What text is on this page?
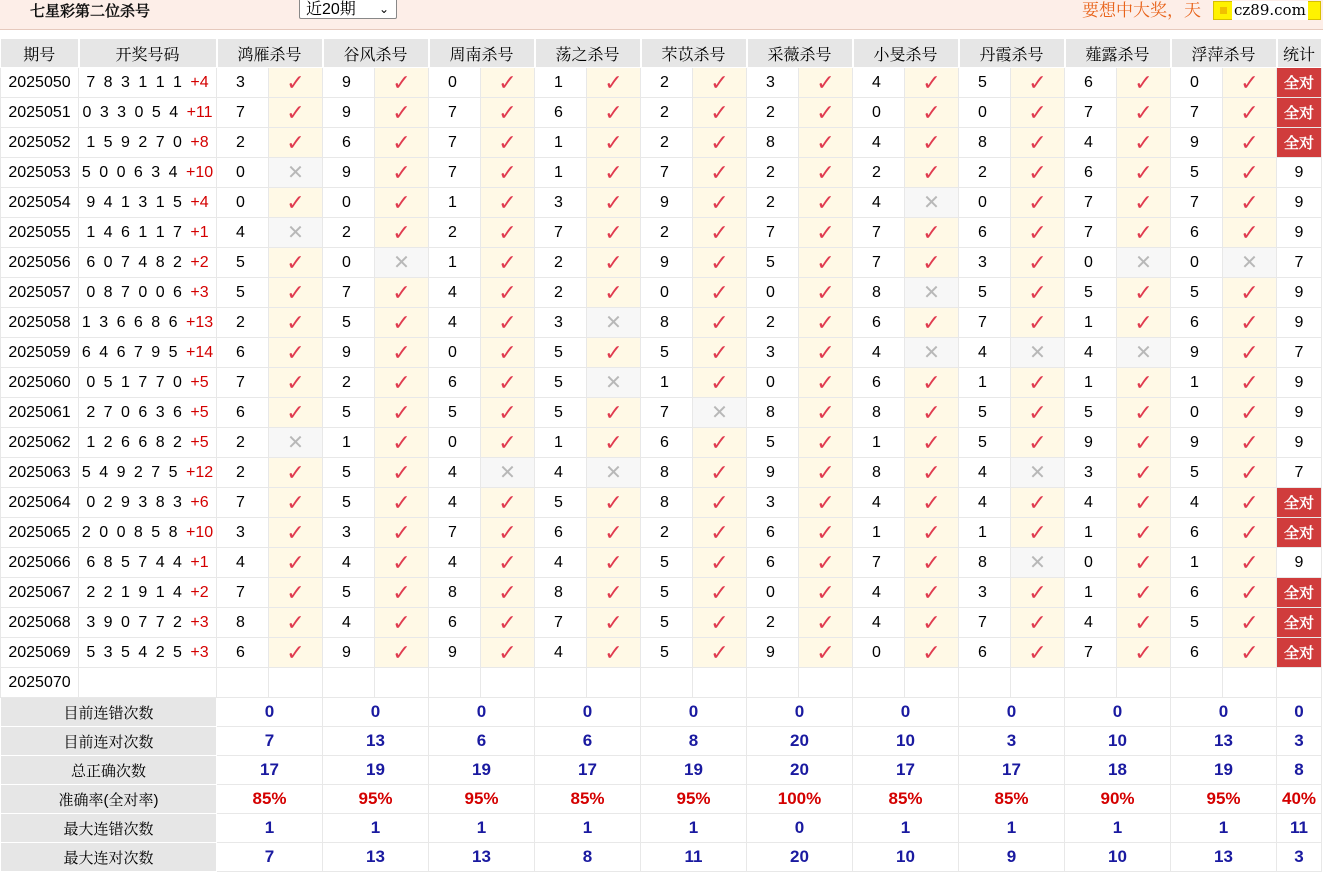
七星彩第二位杀号	近20期 ⌄	要想中大奖，天 cz89.com
期号	开奖号码	鸿雁杀号		谷风杀号		周南杀号		荡之杀号		芣苡杀号		采薇杀号		小旻杀号		丹霞杀号		薤露杀号		浮萍杀号		统计
2025050	7 8 3 1 1 1 +4	3	✓	9	✓	0	✓	1	✓	2	✓	3	✓	4	✓	5	✓	6	✓	0	✓	全对
2025051	0 3 3 0 5 4 +11	7	✓	9	✓	7	✓	6	✓	2	✓	2	✓	0	✓	0	✓	7	✓	7	✓	全对
2025052	1 5 9 2 7 0 +8	2	✓	6	✓	7	✓	1	✓	2	✓	8	✓	4	✓	8	✓	4	✓	9	✓	全对
2025053	5 0 0 6 3 4 +10	0	✕	9	✓	7	✓	1	✓	7	✓	2	✓	2	✓	2	✓	6	✓	5	✓	9
2025054	9 4 1 3 1 5 +4	0	✓	0	✓	1	✓	3	✓	9	✓	2	✓	4	✕	0	✓	7	✓	7	✓	9
2025055	1 4 6 1 1 7 +1	4	✕	2	✓	2	✓	7	✓	2	✓	7	✓	7	✓	6	✓	7	✓	6	✓	9
2025056	6 0 7 4 8 2 +2	5	✓	0	✕	1	✓	2	✓	9	✓	5	✓	7	✓	3	✓	0	✕	0	✕	7
2025057	0 8 7 0 0 6 +3	5	✓	7	✓	4	✓	2	✓	0	✓	0	✓	8	✕	5	✓	5	✓	5	✓	9
2025058	1 3 6 6 8 6 +13	2	✓	5	✓	4	✓	3	✕	8	✓	2	✓	6	✓	7	✓	1	✓	6	✓	9
2025059	6 4 6 7 9 5 +14	6	✓	9	✓	0	✓	5	✓	5	✓	3	✓	4	✕	4	✕	4	✕	9	✓	7
2025060	0 5 1 7 7 0 +5	7	✓	2	✓	6	✓	5	✕	1	✓	0	✓	6	✓	1	✓	1	✓	1	✓	9
2025061	2 7 0 6 3 6 +5	6	✓	5	✓	5	✓	5	✓	7	✕	8	✓	8	✓	5	✓	5	✓	0	✓	9
2025062	1 2 6 6 8 2 +5	2	✕	1	✓	0	✓	1	✓	6	✓	5	✓	1	✓	5	✓	9	✓	9	✓	9
2025063	5 4 9 2 7 5 +12	2	✓	5	✓	4	✕	4	✕	8	✓	9	✓	8	✓	4	✕	3	✓	5	✓	7
2025064	0 2 9 3 8 3 +6	7	✓	5	✓	4	✓	5	✓	8	✓	3	✓	4	✓	4	✓	4	✓	4	✓	全对
2025065	2 0 0 8 5 8 +10	3	✓	3	✓	7	✓	6	✓	2	✓	6	✓	1	✓	1	✓	1	✓	6	✓	全对
2025066	6 8 5 7 4 4 +1	4	✓	4	✓	4	✓	4	✓	5	✓	6	✓	7	✓	8	✕	0	✓	1	✓	9
2025067	2 2 1 9 1 4 +2	7	✓	5	✓	8	✓	8	✓	5	✓	0	✓	4	✓	3	✓	1	✓	6	✓	全对
2025068	3 9 0 7 7 2 +3	8	✓	4	✓	6	✓	7	✓	5	✓	2	✓	4	✓	7	✓	4	✓	5	✓	全对
2025069	5 3 5 4 2 5 +3	6	✓	9	✓	9	✓	4	✓	5	✓	9	✓	0	✓	6	✓	7	✓	6	✓	全对
2025070	当前期杀号	9		3		4		3		4		5		6		5		6		7		
目前连错次数		0		0		0		0		0		0		0		0		0		0		0
目前连对次数		7		13		6		6		8		20		10		3		10		13		3
总正确次数		17		19		19		17		19		20		17		17		18		19		8
准确率(全对率)		85%		95%		95%		85%		95%		100%		85%		85%		90%		95%		40%
最大连错次数		1		1		1		1		1		0		1		1		1		1		11
最大连对次数		7		13		13		8		11		20		10		9		10		13		3
